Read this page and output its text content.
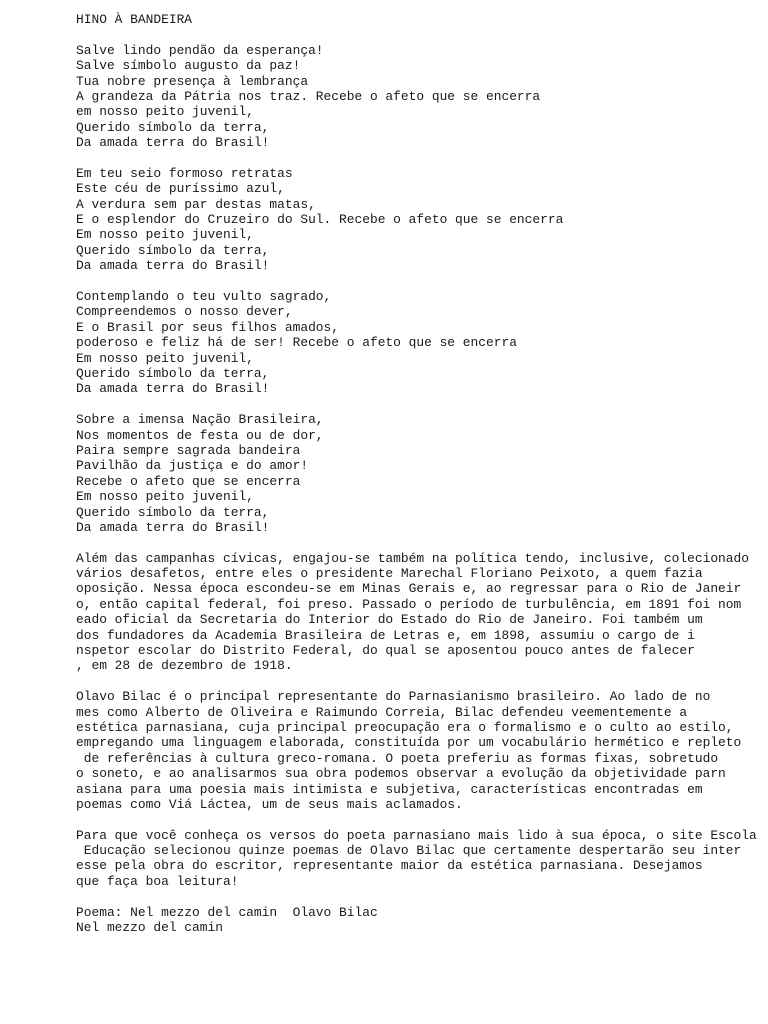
HINO À BANDEIRA
Salve lindo pendão da esperança!
Salve símbolo augusto da paz!
Tua nobre presença à lembrança
A grandeza da Pátria nos traz. Recebe o afeto que se encerra
em nosso peito juvenil,
Querido símbolo da terra,
Da amada terra do Brasil!
Em teu seio formoso retratas
Este céu de puríssimo azul,
A verdura sem par destas matas,
E o esplendor do Cruzeiro do Sul. Recebe o afeto que se encerra
Em nosso peito juvenil,
Querido símbolo da terra,
Da amada terra do Brasil!
Contemplando o teu vulto sagrado,
Compreendemos o nosso dever,
E o Brasil por seus filhos amados,
poderoso e feliz há de ser! Recebe o afeto que se encerra
Em nosso peito juvenil,
Querido símbolo da terra,
Da amada terra do Brasil!
Sobre a imensa Nação Brasileira,
Nos momentos de festa ou de dor,
Paira sempre sagrada bandeira
Pavilhão da justiça e do amor!
Recebe o afeto que se encerra
Em nosso peito juvenil,
Querido símbolo da terra,
Da amada terra do Brasil!
Além das campanhas cívicas, engajou-se também na política tendo, inclusive, colecionado
vários desafetos, entre eles o presidente Marechal Floriano Peixoto, a quem fazia
oposição. Nessa época escondeu-se em Minas Gerais e, ao regressar para o Rio de Janeir
o, então capital federal, foi preso. Passado o período de turbulência, em 1891 foi nom
eado oficial da Secretaria do Interior do Estado do Rio de Janeiro. Foi também um
dos fundadores da Academia Brasileira de Letras e, em 1898, assumiu o cargo de i
nspetor escolar do Distrito Federal, do qual se aposentou pouco antes de falecer
, em 28 de dezembro de 1918.
Olavo Bilac é o principal representante do Parnasianismo brasileiro. Ao lado de no
mes como Alberto de Oliveira e Raimundo Correia, Bilac defendeu veementemente a
estética parnasiana, cuja principal preocupação era o formalismo e o culto ao estilo,
empregando uma linguagem elaborada, constituída por um vocabulário hermético e repleto
de referências à cultura greco-romana. O poeta preferiu as formas fixas, sobretudo
o soneto, e ao analisarmos sua obra podemos observar a evolução da objetividade parn
asiana para uma poesia mais intimista e subjetiva, características encontradas em
poemas como Viá Láctea, um de seus mais aclamados.
Para que você conheça os versos do poeta parnasiano mais lido à sua época, o site Escola
Educação selecionou quinze poemas de Olavo Bilac que certamente despertarão seu inter
esse pela obra do escritor, representante maior da estética parnasiana. Desejamos
que faça boa leitura!
Poema: Nel mezzo del camin  Olavo Bilac
Nel mezzo del camin
